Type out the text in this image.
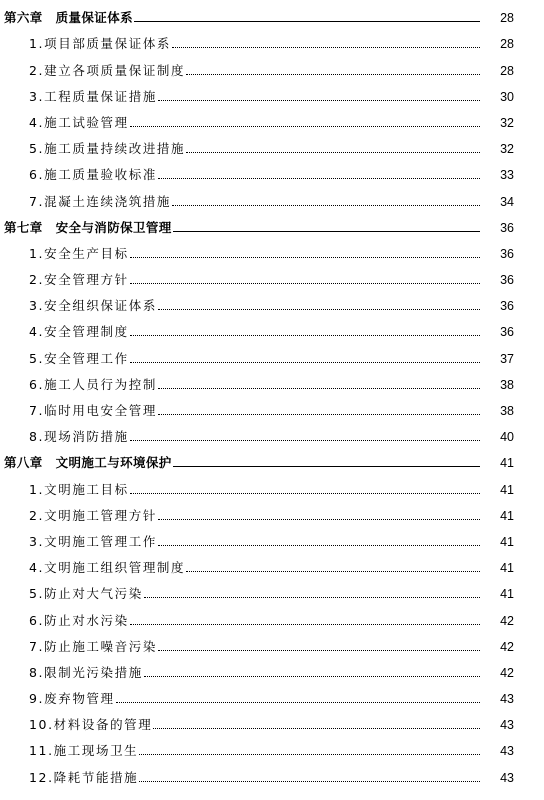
第六章　质量保证体系	28
1.项目部质量保证体系	28
2.建立各项质量保证制度	28
3.工程质量保证措施	30
4.施工试验管理	32
5.施工质量持续改进措施	32
6.施工质量验收标准	33
7.混凝土连续浇筑措施	34
第七章　安全与消防保卫管理	36
1.安全生产目标	36
2.安全管理方针	36
3.安全组织保证体系	36
4.安全管理制度	36
5.安全管理工作	37
6.施工人员行为控制	38
7.临时用电安全管理	38
8.现场消防措施	40
第八章　文明施工与环境保护	41
1.文明施工目标	41
2.文明施工管理方针	41
3.文明施工管理工作	41
4.文明施工组织管理制度	41
5.防止对大气污染	41
6.防止对水污染	42
7.防止施工噪音污染	42
8.限制光污染措施	42
9.废弃物管理	43
10.材料设备的管理	43
11.施工现场卫生	43
12.降耗节能措施	43
